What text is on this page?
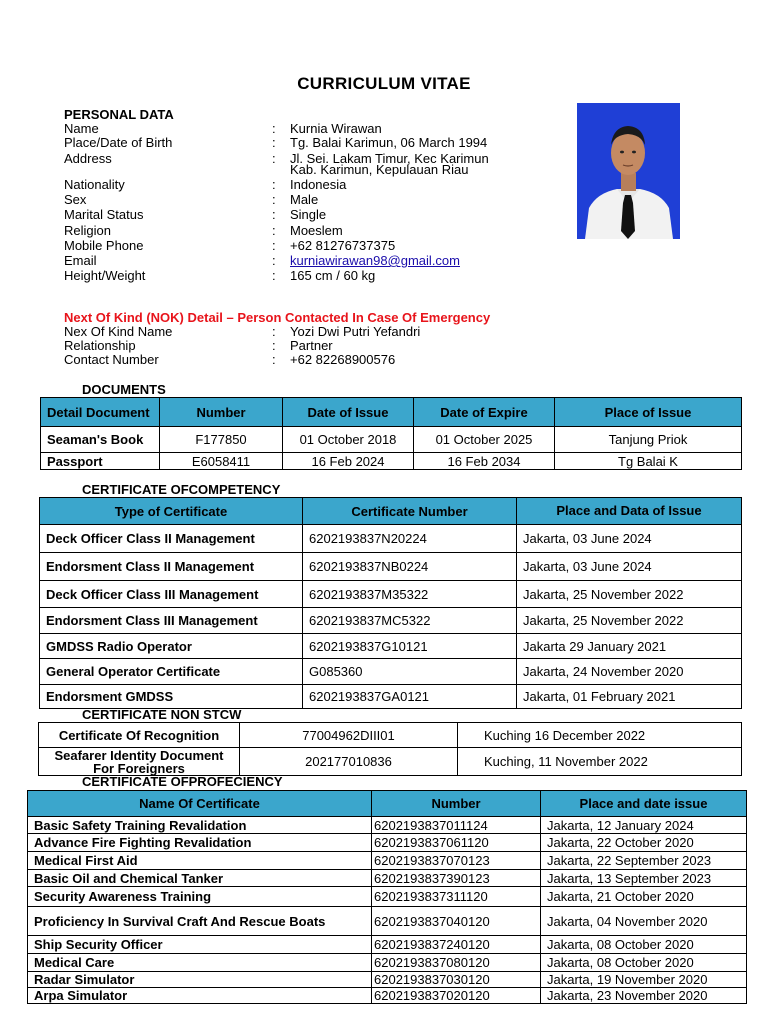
CURRICULUM VITAE
PERSONAL DATA
Name	: Kurnia Wirawan
Place/Date of Birth	: Tg. Balai Karimun, 06 March 1994
Address	: Jl. Sei. Lakam Timur, Kec Karimun
Kab. Karimun, Kepulauan Riau
Nationality	: Indonesia
Sex	: Male
Marital Status	: Single
Religion	: Moeslem
Mobile Phone	: +62 81276737375
Email	: kurniawirawan98@gmail.com
Height/Weight	: 165 cm / 60 kg
Next Of Kind (NOK) Detail – Person Contacted In Case Of Emergency
Nex Of Kind Name	: Yozi Dwi Putri Yefandri
Relationship	: Partner
Contact Number	: +62 82268900576
DOCUMENTS
Detail Document	Number	Date of Issue	Date of Expire	Place of Issue
Seaman's Book	F177850	01 October 2018	01 October 2025	Tanjung Priok
Passport	E6058411	16 Feb 2024	16 Feb 2034	Tg Balai K
CERTIFICATE OFCOMPETENCY
Type of Certificate	Certificate Number	Place and Data of Issue
Deck Officer Class II Management	6202193837N20224	Jakarta, 03 June 2024
Endorsment Class II Management	6202193837NB0224	Jakarta, 03 June 2024
Deck Officer Class III Management	6202193837M35322	Jakarta, 25 November 2022
Endorsment Class III Management	6202193837MC5322	Jakarta, 25 November 2022
GMDSS Radio Operator	6202193837G10121	Jakarta 29 January 2021
General Operator Certificate	G085360	Jakarta, 24 November 2020
Endorsment GMDSS	6202193837GA0121	Jakarta, 01 February 2021
CERTIFICATE NON STCW
Certificate Of Recognition	77004962DIII01	Kuching 16 December 2022
Seafarer Identity Document For Foreigners	202177010836	Kuching, 11 November 2022
CERTIFICATE OFPROFECIENCY
Name Of Certificate	Number	Place and date issue
Basic Safety Training Revalidation	6202193837011124	Jakarta, 12 January 2024
Advance Fire Fighting Revalidation	6202193837061120	Jakarta, 22 October 2020
Medical First Aid	6202193837070123	Jakarta, 22 September 2023
Basic Oil and Chemical Tanker	6202193837390123	Jakarta, 13 September 2023
Security Awareness Training	6202193837311120	Jakarta, 21 October 2020
Proficiency In Survival Craft And Rescue Boats	6202193837040120	Jakarta, 04 November 2020
Ship Security Officer	6202193837240120	Jakarta, 08 October 2020
Medical Care	6202193837080120	Jakarta, 08 October 2020
Radar Simulator	6202193837030120	Jakarta, 19 November 2020
Arpa Simulator	6202193837020120	Jakarta, 23 November 2020
